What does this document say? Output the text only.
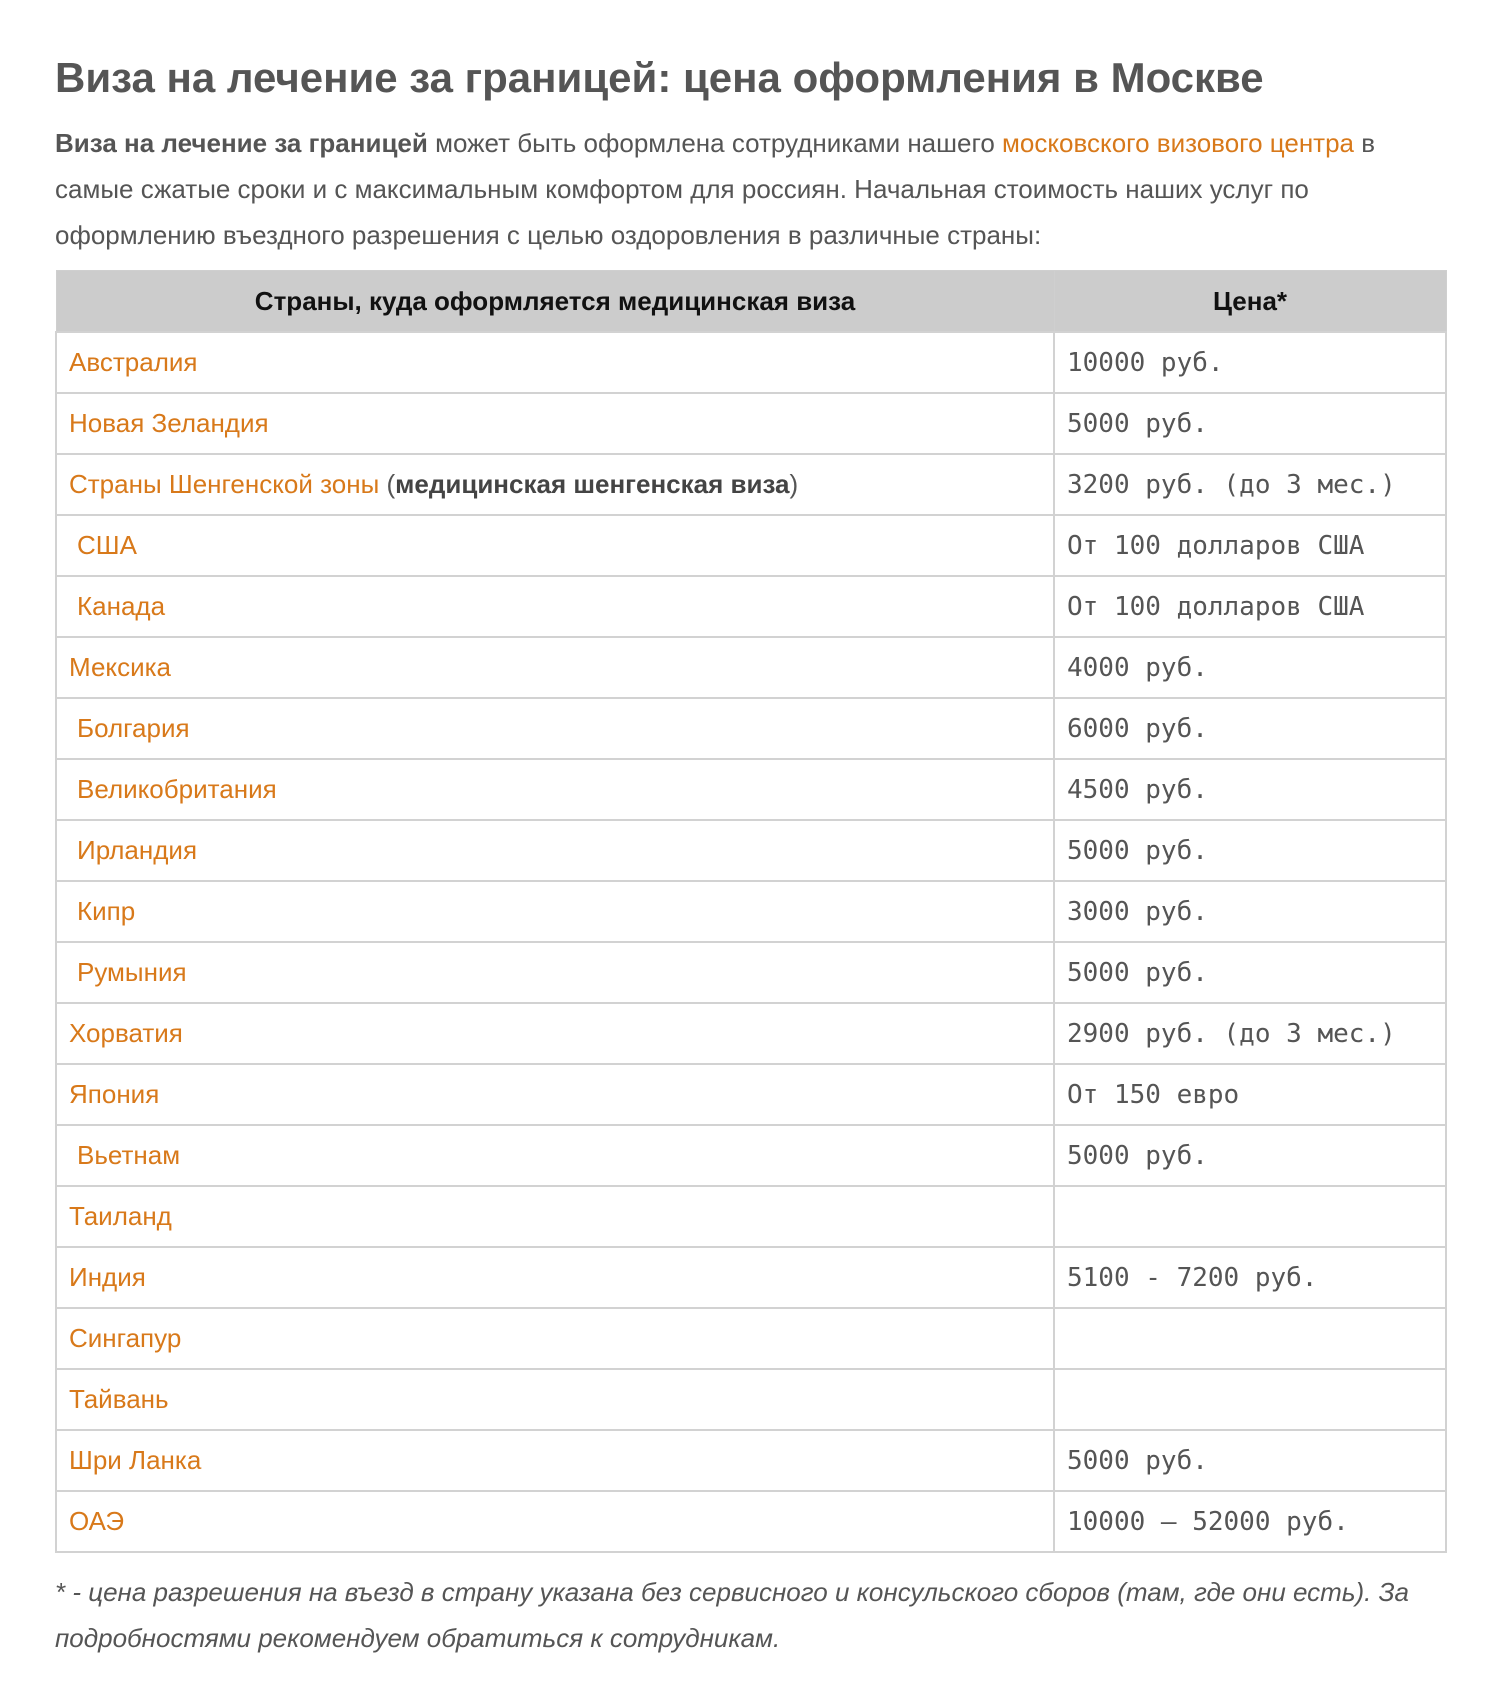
Виза на лечение за границей: цена оформления в Москве

Виза на лечение за границей может быть оформлена сотрудниками нашего московского визового центра в самые сжатые сроки и с максимальным комфортом для россиян. Начальная стоимость наших услуг по оформлению въездного разрешения с целью оздоровления в различные страны:

Страны, куда оформляется медицинская виза	Цена*
Австралия	10000 руб.
Новая Зеландия	5000 руб.
Страны Шенгенской зоны (медицинская шенгенская виза)	3200 руб. (до 3 мес.)
США	От 100 долларов США
Канада	От 100 долларов США
Мексика	4000 руб.
Болгария	6000 руб.
Великобритания	4500 руб.
Ирландия	5000 руб.
Кипр	3000 руб.
Румыния	5000 руб.
Хорватия	2900 руб. (до 3 мес.)
Япония	От 150 евро
Вьетнам	5000 руб.
Таиланд	
Индия	5100 - 7200 руб.
Сингапур	
Тайвань	
Шри Ланка	5000 руб.
ОАЭ	10000 – 52000 руб.

* - цена разрешения на въезд в страну указана без сервисного и консульского сборов (там, где они есть). За подробностями рекомендуем обратиться к сотрудникам.
